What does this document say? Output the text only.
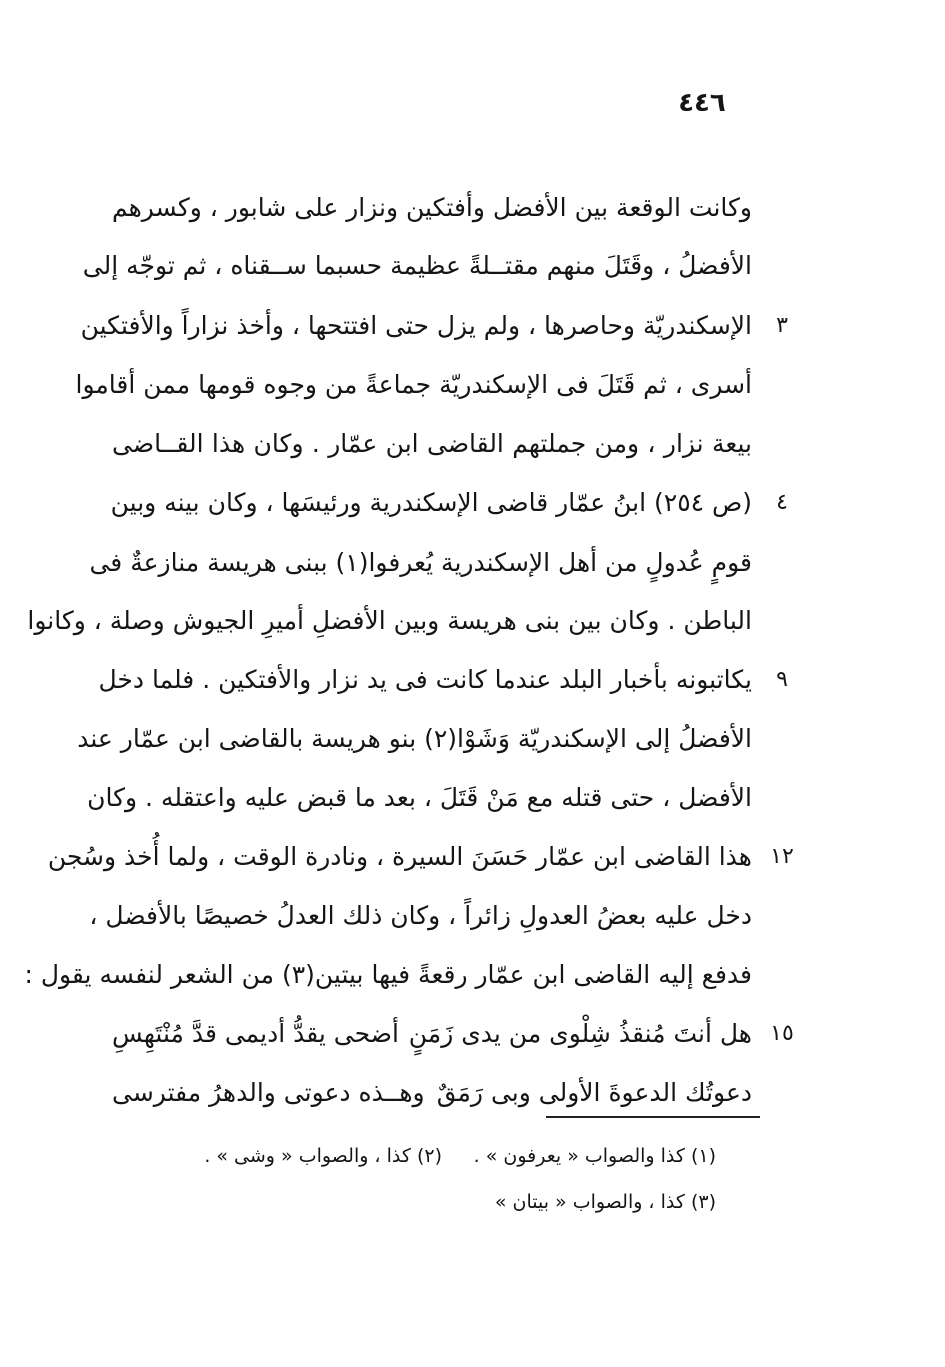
٤٤٦
وكانت الوقعة بين الأفضل وأفتكين ونزار على شابور ، وكسرهم
الأفضلُ ، وقَتَلَ منهم مقتــلةً عظيمة حسبما ســقناه ، ثم توجّه إلى
الإسكندريّة وحاصرها ، ولم يزل حتى افتتحها ، وأخذ نزاراً والأفتكين
أسرى ، ثم قَتَلَ فى الإسكندريّة جماعةً من وجوه قومها ممن أقاموا
بيعة نزار ، ومن جملتهم القاضى ابن عمّار . وكان هذا القــاضى
(ص ٢٥٤) ابنُ عمّار قاضى الإسكندرية ورئيسَها ، وكان بينه وبين
قومٍ عُدولٍ من أهل الإسكندرية يُعرفوا(١) ببنى هريسة منازعةٌ فى
الباطن . وكان بين بنى هريسة وبين الأفضلِ أميرِ الجيوش وصلة ، وكانوا
يكاتبونه بأخبار البلد عندما كانت فى يد نزار والأفتكين . فلما دخل
الأفضلُ إلى الإسكندريّة وَشَوْا(٢) بنو هريسة بالقاضى ابن عمّار عند
الأفضل ، حتى قتله مع مَنْ قَتَلَ ، بعد ما قبض عليه واعتقله . وكان
هذا القاضى ابن عمّار حَسَنَ السيرة ، ونادرة الوقت ، ولما أُخذ وسُجن
دخل عليه بعضُ العدولِ زائراً ، وكان ذلك العدلُ خصيصًا بالأفضل ،
فدفع إليه القاضى ابن عمّار رقعةً فيها بيتين(٣) من الشعر لنفسه يقول :
٣
٤
٩
١٢
١٥
هل أنتَ مُنقذُ شِلْوى من يدى زَمَنٍ
أضحى يقدُّ أديمى قدَّ مُنْتَهِسِ
دعوتُك الدعوةَ الأولى وبى رَمَقٌ
وهــذه دعوتى والدهرُ مفترسى
(١) كذا والصواب « يعرفون » .
(٢) كذا ، والصواب « وشى » .
(٣) كذا ، والصواب « بيتان »
